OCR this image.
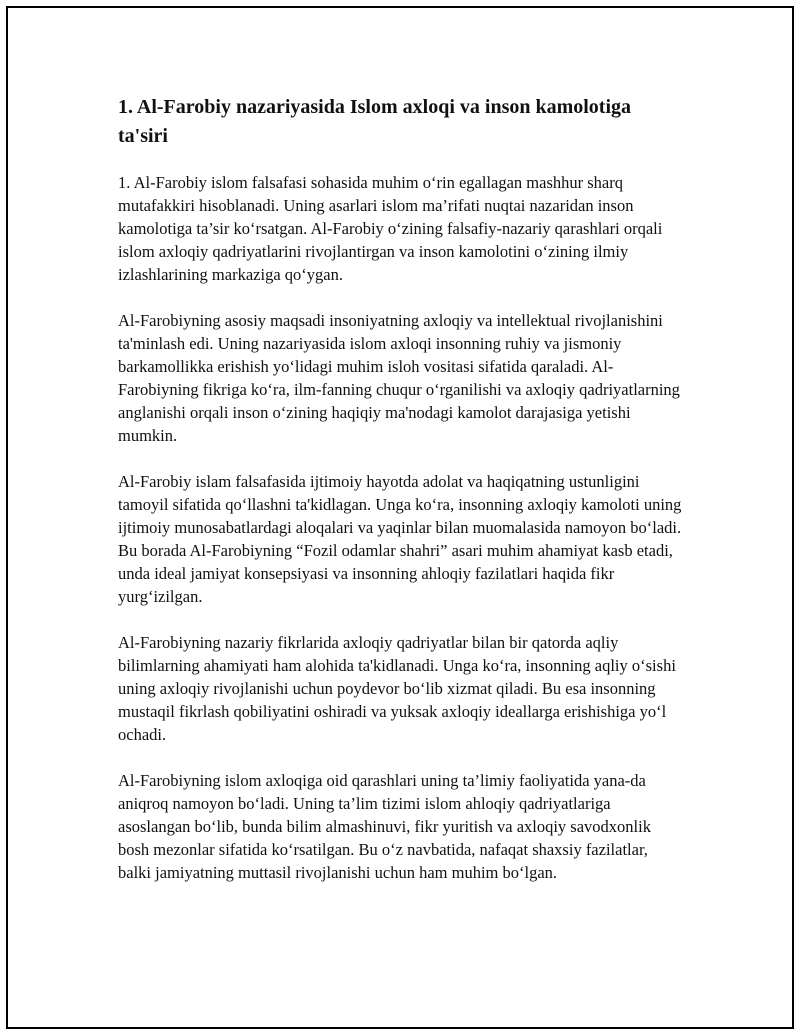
1. Al-Farobiy nazariyasida Islom axloqi va inson kamolotiga ta'siri

1. Al-Farobiy islom falsafasi sohasida muhim o‘rin egallagan mashhur sharq mutafakkiri hisoblanadi. Uning asarlari islom ma’rifati nuqtai nazaridan inson kamolotiga ta’sir ko‘rsatgan. Al-Farobiy o‘zining falsafiy-nazariy qarashlari orqali islom axloqiy qadriyatlarini rivojlantirgan va inson kamolotini o‘zining ilmiy izlashlarining markaziga qo‘ygan.

Al-Farobiyning asosiy maqsadi insoniyatning axloqiy va intellektual rivojlanishini ta'minlash edi. Uning nazariyasida islom axloqi insonning ruhiy va jismoniy barkamollikka erishish yo‘lidagi muhim isloh vositasi sifatida qaraladi. Al-Farobiyning fikriga ko‘ra, ilm-fanning chuqur o‘rganilishi va axloqiy qadriyatlarning anglanishi orqali inson o‘zining haqiqiy ma'nodagi kamolot darajasiga yetishi mumkin.

Al-Farobiy islam falsafasida ijtimoiy hayotda adolat va haqiqatning ustunligini tamoyil sifatida qo‘llashni ta'kidlagan. Unga ko‘ra, insonning axloqiy kamoloti uning ijtimoiy munosabatlardagi aloqalari va yaqinlar bilan muomalasida namoyon bo‘ladi. Bu borada Al-Farobiyning “Fozil odamlar shahri” asari muhim ahamiyat kasb etadi, unda ideal jamiyat konsepsiyasi va insonning ahloqiy fazilatlari haqida fikr yurg‘izilgan.

Al-Farobiyning nazariy fikrlarida axloqiy qadriyatlar bilan bir qatorda aqliy bilimlarning ahamiyati ham alohida ta'kidlanadi. Unga ko‘ra, insonning aqliy o‘sishi uning axloqiy rivojlanishi uchun poydevor bo‘lib xizmat qiladi. Bu esa insonning mustaqil fikrlash qobiliyatini oshiradi va yuksak axloqiy ideallarga erishishiga yo‘l ochadi.

Al-Farobiyning islom axloqiga oid qarashlari uning ta’limiy faoliyatida yana-da aniqroq namoyon bo‘ladi. Uning ta’lim tizimi islom ahloqiy qadriyatlariga asoslangan bo‘lib, bunda bilim almashinuvi, fikr yuritish va axloqiy savodxonlik bosh mezonlar sifatida ko‘rsatilgan. Bu o‘z navbatida, nafaqat shaxsiy fazilatlar, balki jamiyatning muttasil rivojlanishi uchun ham muhim bo‘lgan.
